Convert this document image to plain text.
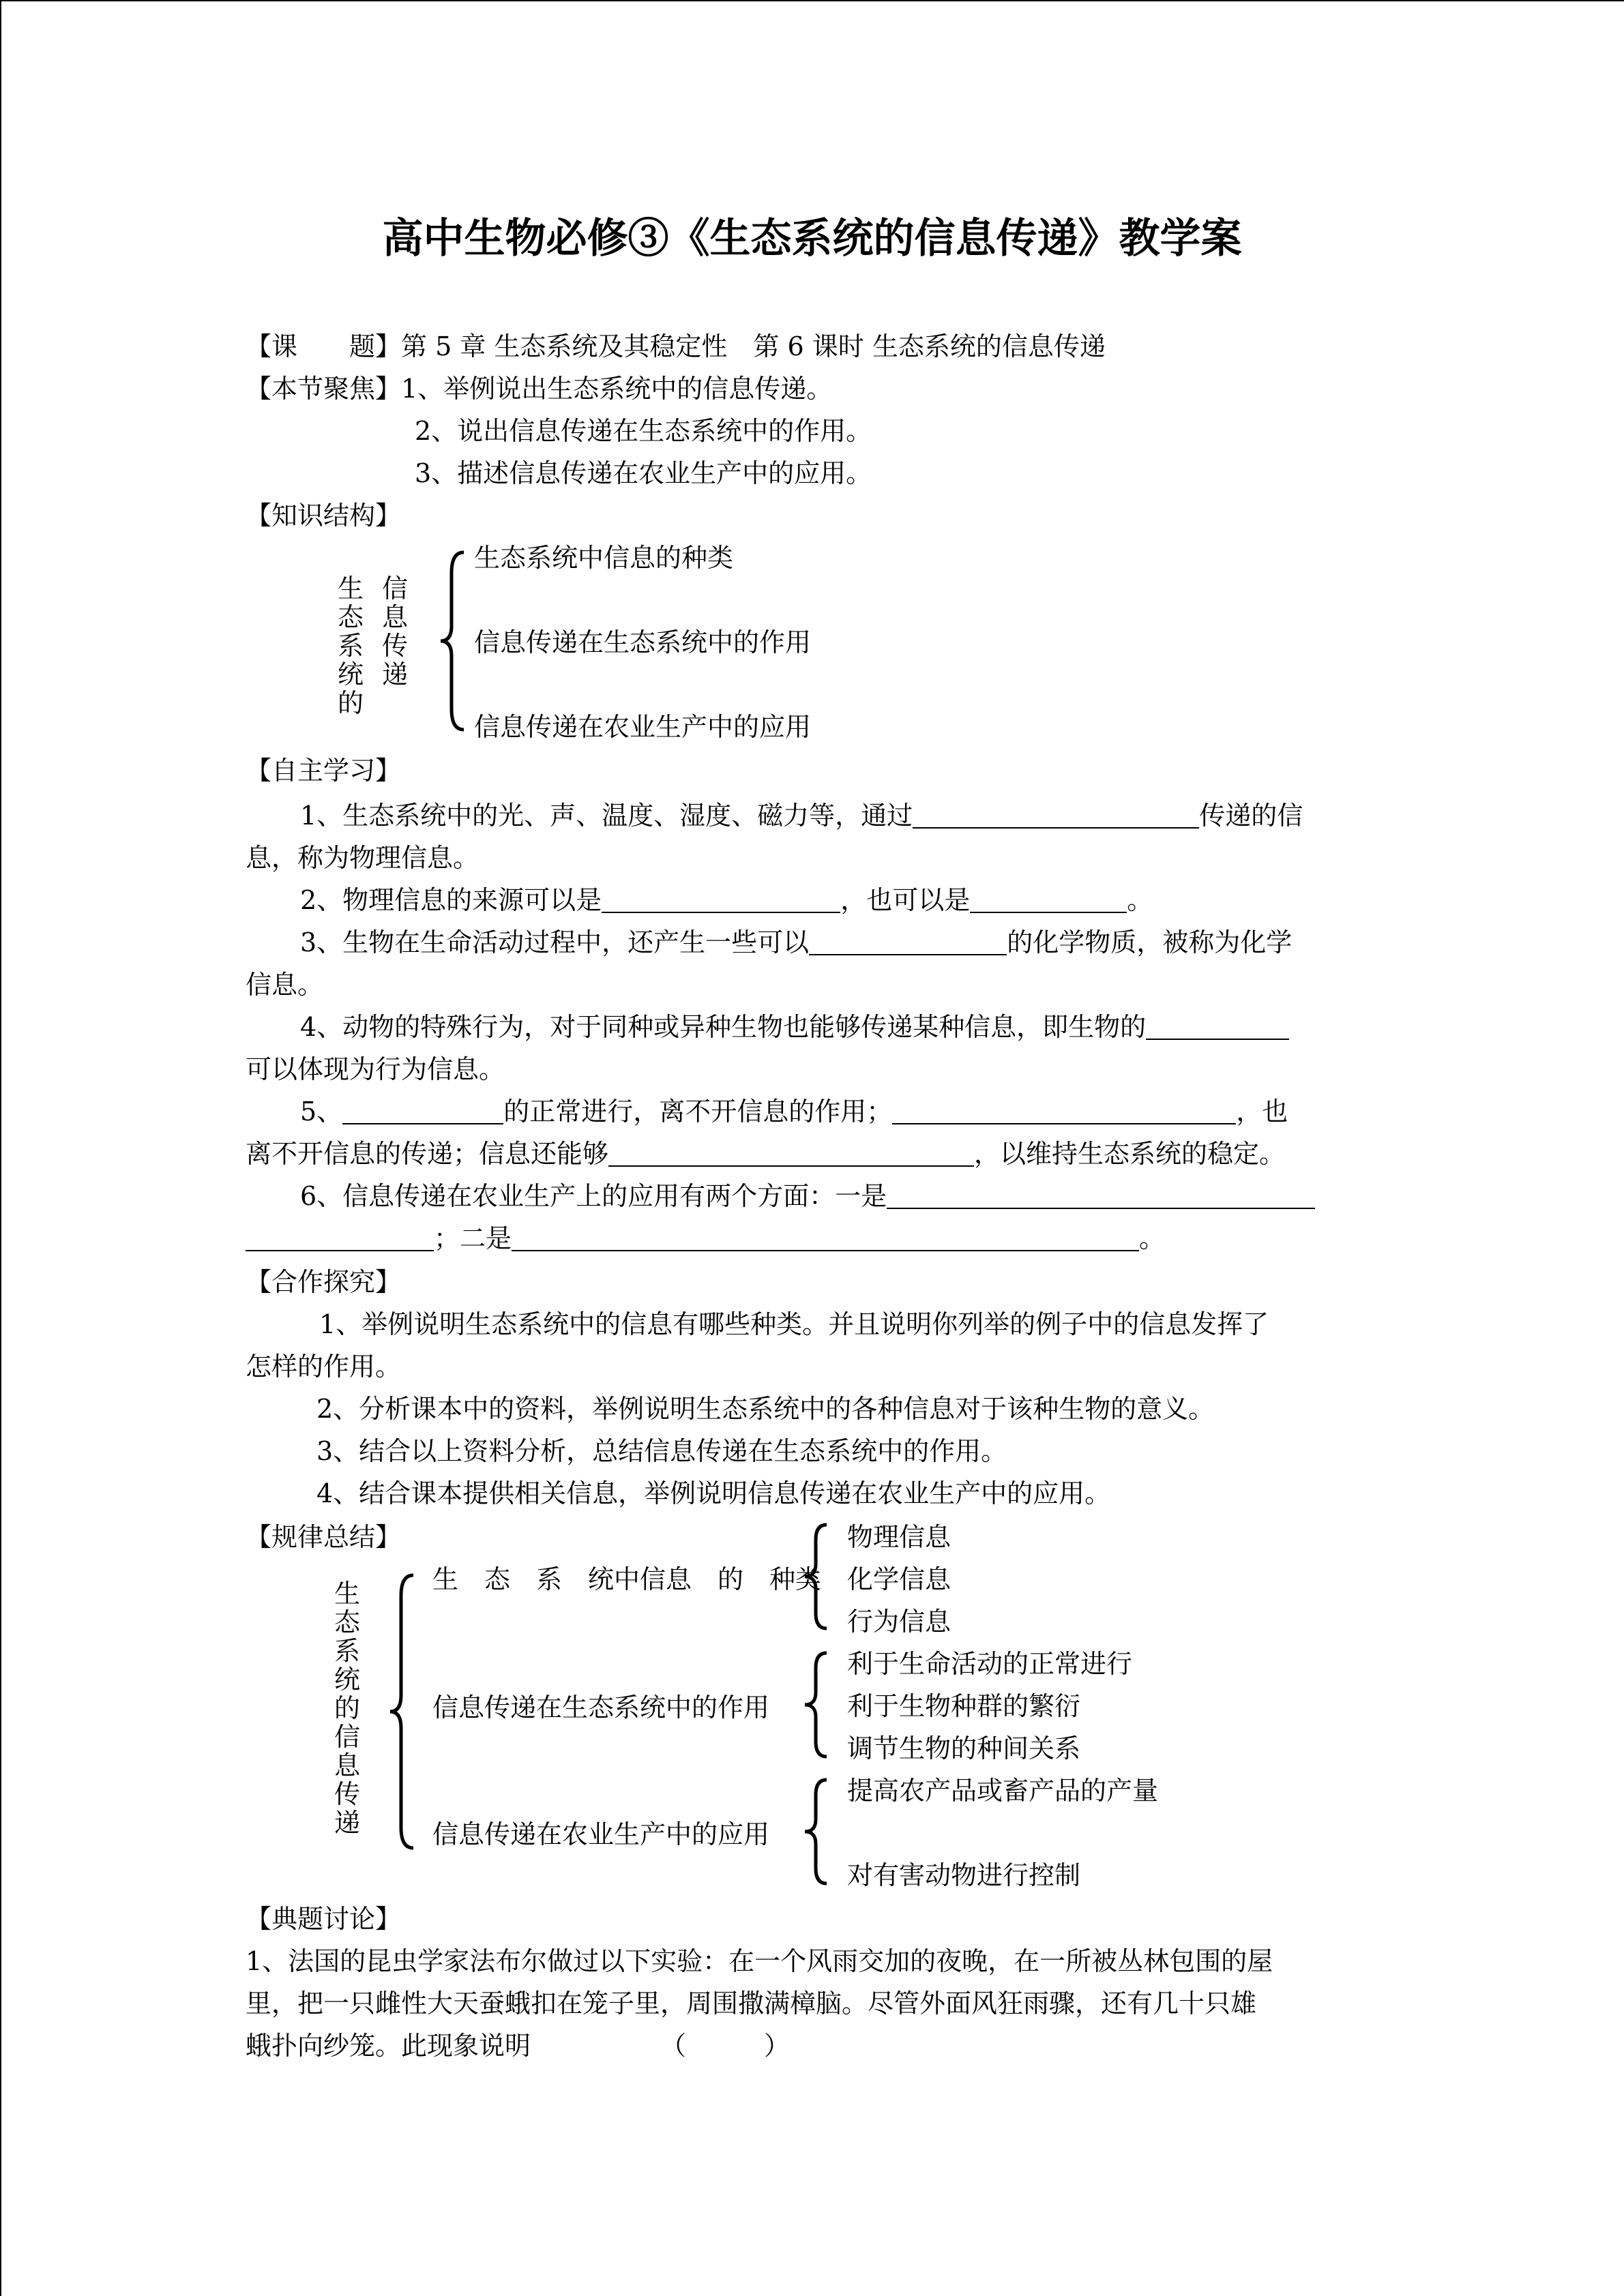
高中生物必修③《生态系统的信息传递》教学案
【课　　题】第 5 章 生态系统及其稳定性　第 6 课时 生态系统的信息传递
【本节聚焦】1、举例说出生态系统中的信息传递。
2、说出信息传递在生态系统中的作用。
3、描述信息传递在农业生产中的应用。
【知识结构】
生
态
系
统
的
信
息
传
递
生态系统中信息的种类
信息传递在生态系统中的作用
信息传递在农业生产中的应用
【自主学习】
1、生态系统中的光、声、温度、湿度、磁力等，通过	传递的信
息，称为物理信息。
2、物理信息的来源可以是	，也可以是	。
3、生物在生命活动过程中，还产生一些可以	的化学物质，被称为化学
信息。
4、动物的特殊行为，对于同种或异种生物也能够传递某种信息，即生物的
可以体现为行为信息。
5、	的正常进行，离不开信息的作用；	，也
离不开信息的传递；信息还能够	，以维持生态系统的稳定。
6、信息传递在农业生产上的应用有两个方面：一是
；二是	。
【合作探究】
1、举例说明生态系统中的信息有哪些种类。并且说明你列举的例子中的信息发挥了
怎样的作用。
2、分析课本中的资料，举例说明生态系统中的各种信息对于该种生物的意义。
3、结合以上资料分析，总结信息传递在生态系统中的作用。
4、结合课本提供相关信息，举例说明信息传递在农业生产中的应用。
【规律总结】
生
态
系
统
的
信
息
传
递
生　态　系　统中信息　的　种类
物理信息
化学信息
行为信息
信息传递在生态系统中的作用
利于生命活动的正常进行
利于生物种群的繁衍
调节生物的种间关系
信息传递在农业生产中的应用
提高农产品或畜产品的产量
对有害动物进行控制
【典题讨论】
1、法国的昆虫学家法布尔做过以下实验：在一个风雨交加的夜晚，在一所被丛林包围的屋
里，把一只雌性大天蚕蛾扣在笼子里，周围撒满樟脑。尽管外面风狂雨骤，还有几十只雄
蛾扑向纱笼。此现象说明	（　　　）
